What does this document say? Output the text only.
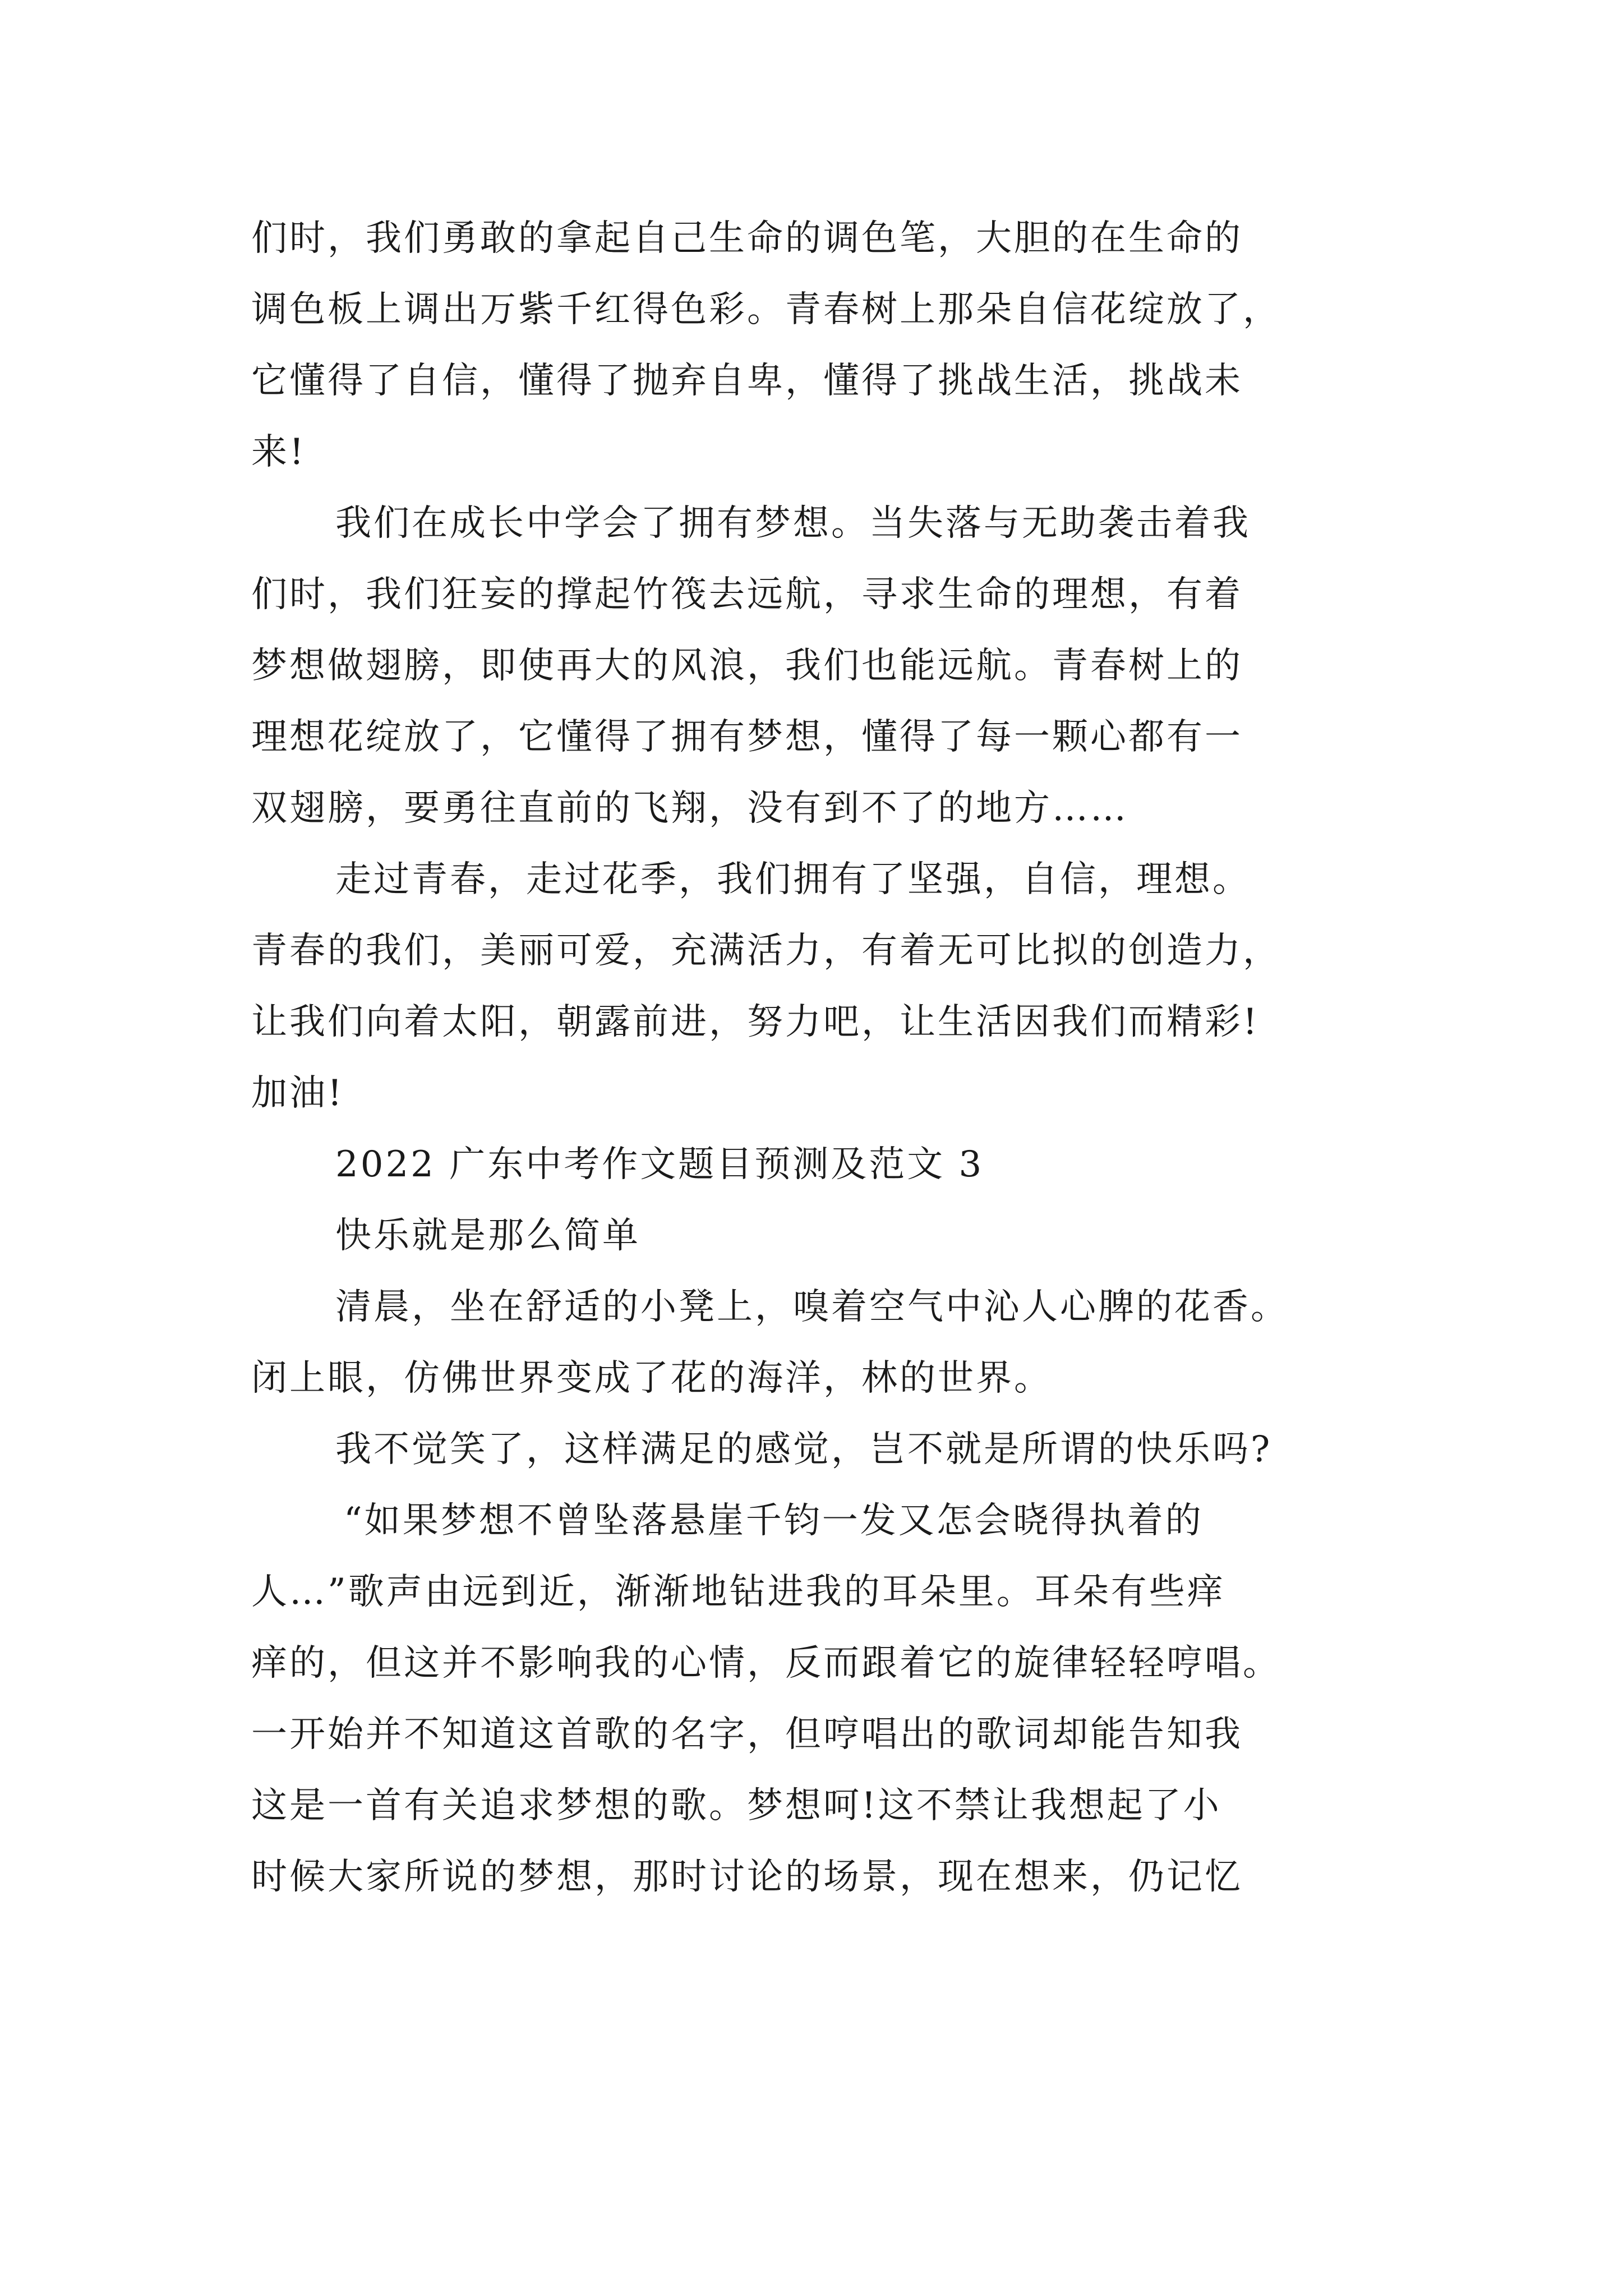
们时，我们勇敢的拿起自己生命的调色笔，大胆的在生命的
调色板上调出万紫千红得色彩。青春树上那朵自信花绽放了，
它懂得了自信，懂得了抛弃自卑，懂得了挑战生活，挑战未
来!
我们在成长中学会了拥有梦想。当失落与无助袭击着我
们时，我们狂妄的撑起竹筏去远航，寻求生命的理想，有着
梦想做翅膀，即使再大的风浪，我们也能远航。青春树上的
理想花绽放了，它懂得了拥有梦想，懂得了每一颗心都有一
双翅膀，要勇往直前的飞翔，没有到不了的地方……
走过青春，走过花季，我们拥有了坚强，自信，理想。
青春的我们，美丽可爱，充满活力，有着无可比拟的创造力，
让我们向着太阳，朝露前进，努力吧，让生活因我们而精彩!
加油!
2022 广东中考作文题目预测及范文 3
快乐就是那么简单
清晨，坐在舒适的小凳上，嗅着空气中沁人心脾的花香。
闭上眼，仿佛世界变成了花的海洋，林的世界。
我不觉笑了，这样满足的感觉，岂不就是所谓的快乐吗?
“如果梦想不曾坠落悬崖千钧一发又怎会晓得执着的
人…”歌声由远到近，渐渐地钻进我的耳朵里。耳朵有些痒
痒的，但这并不影响我的心情，反而跟着它的旋律轻轻哼唱。
一开始并不知道这首歌的名字，但哼唱出的歌词却能告知我
这是一首有关追求梦想的歌。梦想呵!这不禁让我想起了小
时候大家所说的梦想，那时讨论的场景，现在想来，仍记忆
